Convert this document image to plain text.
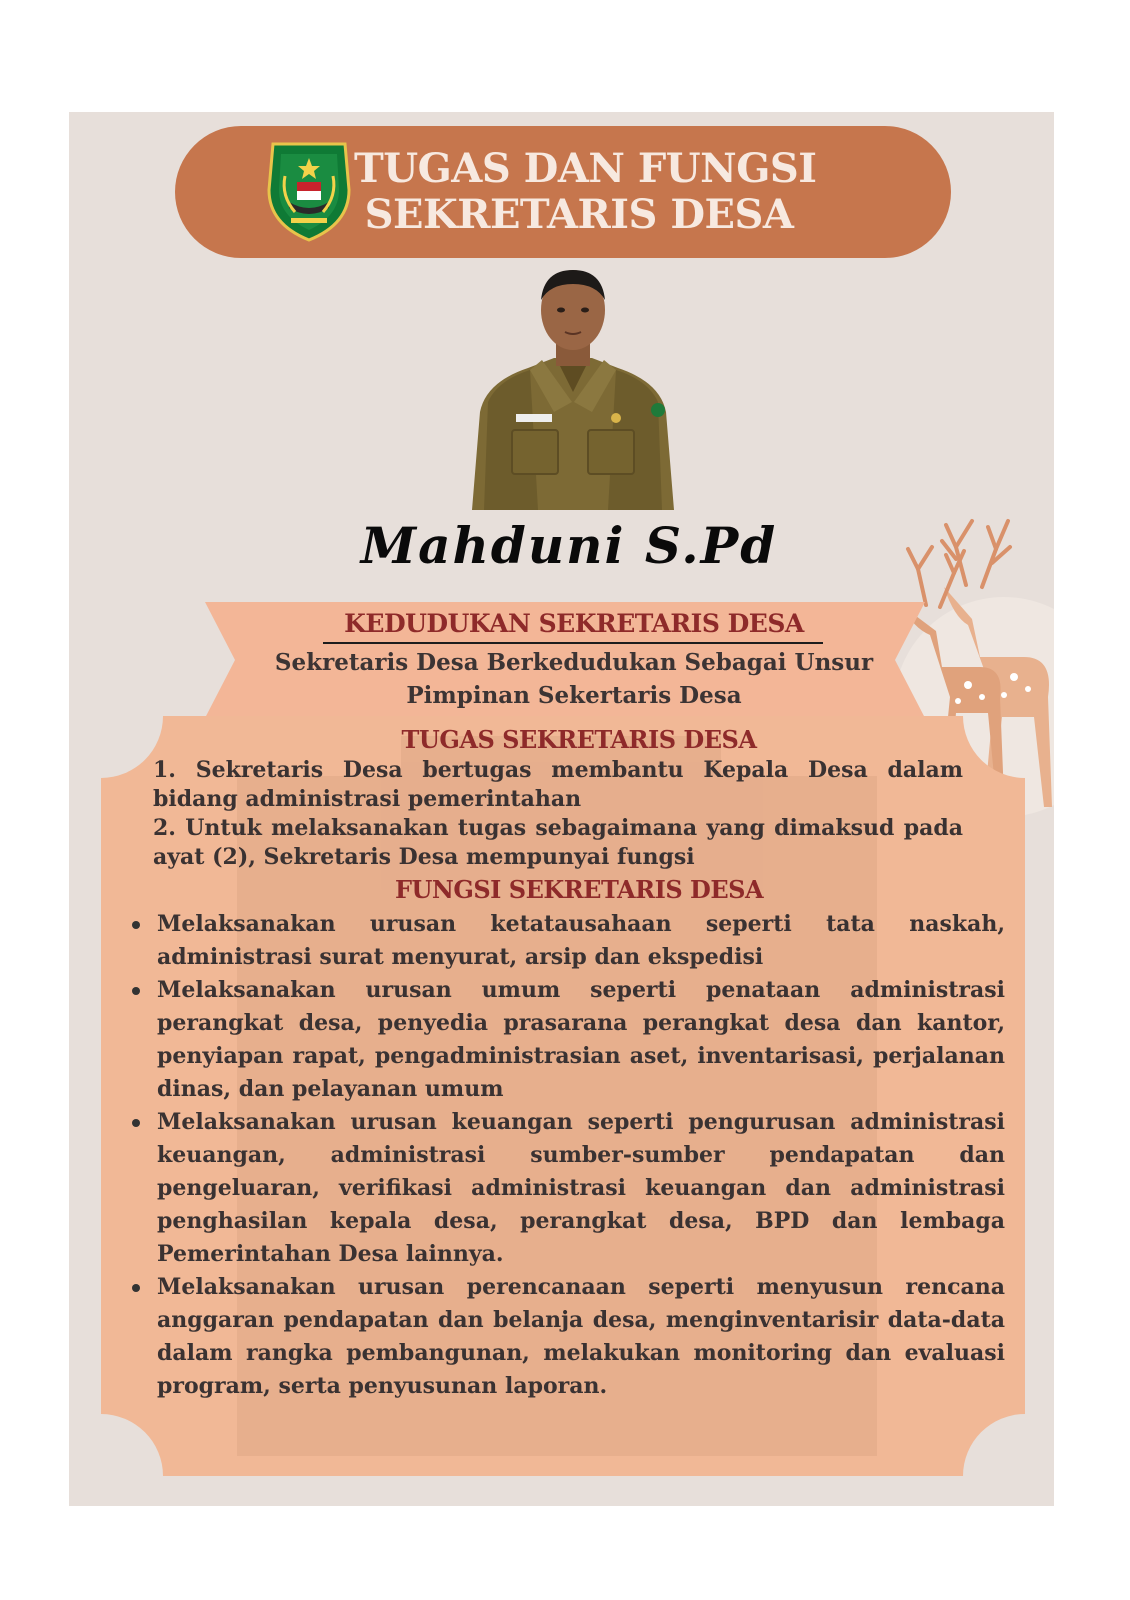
TUGAS DAN FUNGSI
SEKRETARIS DESA
Mahduni S.Pd
KEDUDUKAN SEKRETARIS DESA
Sekretaris Desa Berkedudukan Sebagai Unsur
Pimpinan Sekertaris Desa
TUGAS SEKRETARIS DESA
1. Sekretaris Desa bertugas membantu Kepala Desa dalam bidang administrasi pemerintahan
2. Untuk melaksanakan tugas sebagaimana yang dimaksud pada ayat (2), Sekretaris Desa mempunyai fungsi
FUNGSI SEKRETARIS DESA
Melaksanakan urusan ketatausahaan seperti tata naskah, administrasi surat menyurat, arsip dan ekspedisi
Melaksanakan urusan umum seperti penataan administrasi perangkat desa, penyedia prasarana perangkat desa dan kantor, penyiapan rapat, pengadministrasian aset, inventarisasi, perjalanan dinas, dan pelayanan umum
Melaksanakan urusan keuangan seperti pengurusan administrasi keuangan, administrasi sumber-sumber pendapatan dan pengeluaran, verifikasi administrasi keuangan dan administrasi penghasilan kepala desa, perangkat desa, BPD dan lembaga Pemerintahan Desa lainnya.
Melaksanakan urusan perencanaan seperti menyusun rencana anggaran pendapatan dan belanja desa, menginventarisir data-data dalam rangka pembangunan, melakukan monitoring dan evaluasi program, serta penyusunan laporan.
